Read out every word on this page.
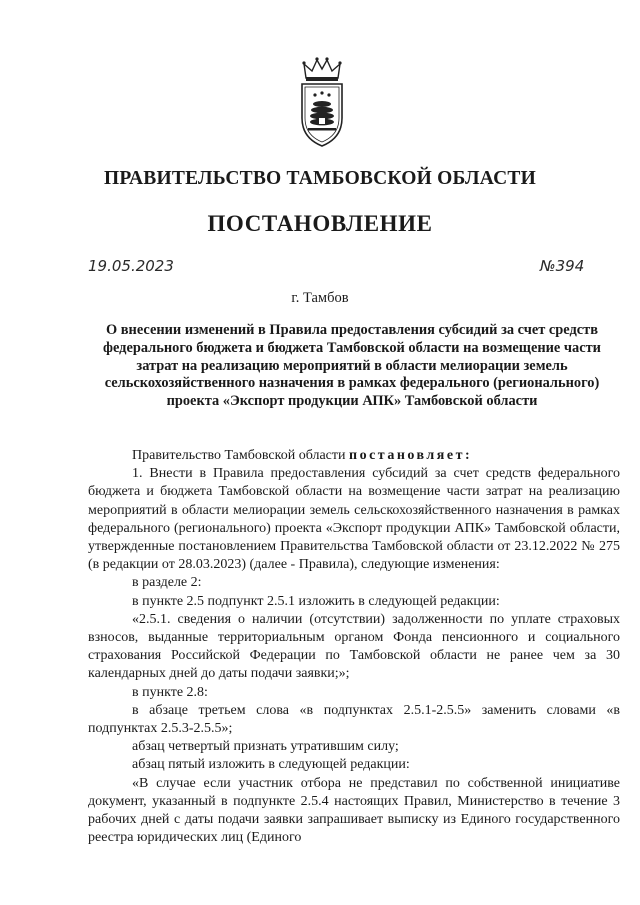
ПРАВИТЕЛЬСТВО ТАМБОВСКОЙ ОБЛАСТИ
ПОСТАНОВЛЕНИЕ
19.05.2023	№394
г. Тамбов
О внесении изменений в Правила предоставления субсидий за счет средств федерального бюджета и бюджета Тамбовской области на возмещение части затрат на реализацию мероприятий в области мелиорации земель сельскохозяйственного назначения в рамках федерального (регионального) проекта «Экспорт продукции АПК» Тамбовской области

Правительство Тамбовской области постановляет:

1. Внести в Правила предоставления субсидий за счет средств федерального бюджета и бюджета Тамбовской области на возмещение части затрат на реализацию мероприятий в области мелиорации земель сельскохозяйственного назначения в рамках федерального (регионального) проекта «Экспорт продукции АПК» Тамбовской области, утвержденные постановлением Правительства Тамбовской области от 23.12.2022 № 275 (в редакции от 28.03.2023) (далее - Правила), следующие изменения:

в разделе 2:

в пункте 2.5 подпункт 2.5.1 изложить в следующей редакции:

«2.5.1. сведения о наличии (отсутствии) задолженности по уплате страховых взносов, выданные территориальным органом Фонда пенсионного и социального страхования Российской Федерации по Тамбовской области не ранее чем за 30 календарных дней до даты подачи заявки;»;

в пункте 2.8:

в абзаце третьем слова «в подпунктах 2.5.1-2.5.5» заменить словами «в подпунктах 2.5.3-2.5.5»;

абзац четвертый признать утратившим силу;

абзац пятый изложить в следующей редакции:

«В случае если участник отбора не представил по собственной инициативе документ, указанный в подпункте 2.5.4 настоящих Правил, Министерство в течение 3 рабочих дней с даты подачи заявки запрашивает выписку из Единого государственного реестра юридических лиц (Единого
